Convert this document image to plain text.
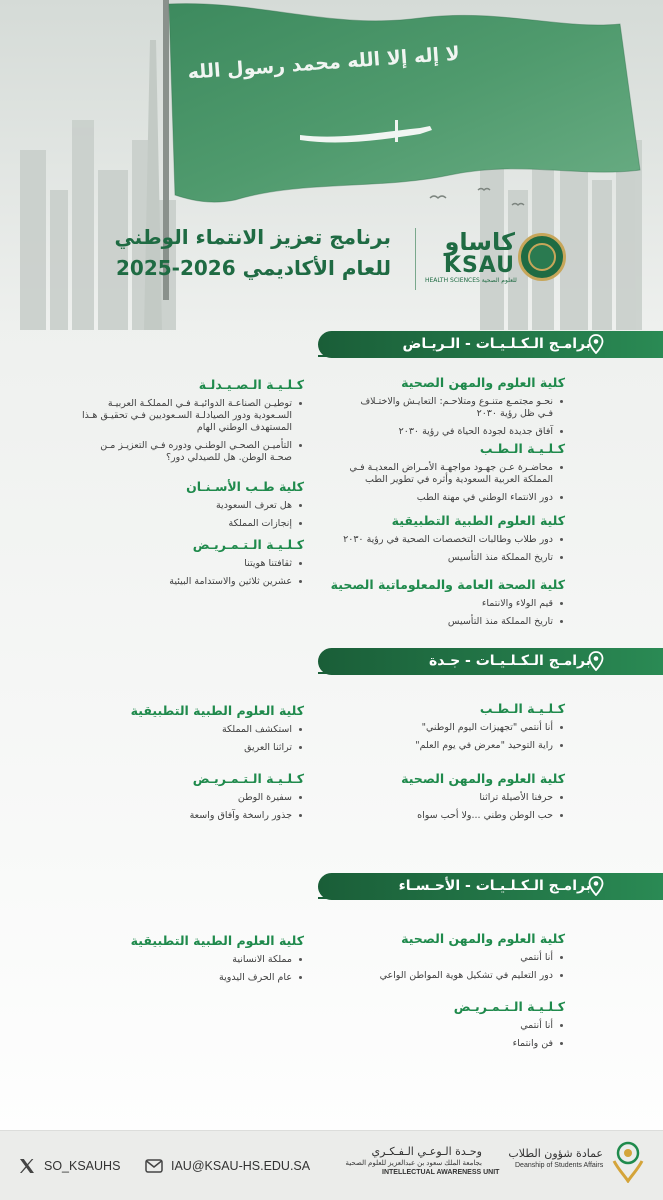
لا إله إلا الله محمد رسول الله
برنامج تعزيز الانتماء الوطني
للعام الأكاديمي 2025-2026
كاساو
KSAU
HEALTH SCIENCES للعلوم الصحية
برامـج الـكـلـيـات - الـريـاض
كلية العلوم والمهن الصحية
نحـو مجتمـع متنـوع ومتلاحـم: التعايـش والاختـلاف فـي ظل رؤية ٢٠٣٠
آفاق جديدة لجودة الحياة في رؤية ٢٠٣٠
كـلـيـة الـطـب
محاضـرة عـن جهـود مواجهـة الأمـراض المعديـة فـي المملكة العربية السعودية وأثره في تطوير الطب
دور الانتماء الوطني في مهنة الطب
كلية العلوم الطبية التطبيقية
دور طلاب وطالبات التخصصات الصحية في رؤية ٢٠٣٠
تاريخ المملكة منذ التأسيس
كلية الصحة العامة والمعلوماتية الصحية
قيم الولاء والانتماء
تاريخ المملكة منذ التأسيس
كـلـيـة الـصـيـدلـة
توطيـن الصناعـة الدوائيـة فـي المملكـة العربيـة السـعودية ودور الصيادلـة السـعوديين فـي تحقيـق هـذا المستهدف الوطني الهام
التأميـن الصحـي الوطنـي ودوره فـي التعزيـز مـن صحـة الوطن. هل للصيدلي دور؟
كلية طـب الأسـنـان
هل تعرف السعودية
إنجازات المملكة
كـلـيـة الـتـمـريـض
ثقافتنا هويتنا
عشرين ثلاثين والاستدامة البيئية
برامـج الـكـلـيـات - جـدة
كـلـيـة الـطـب
أنا أنتمي "تجهيزات اليوم الوطني"
راية التوحيد "معرض في يوم العلم"
كلية العلوم والمهن الصحية
حرفنا الأصيلة تراثنا
حب الوطن وطني ...ولا أحب سواه
كلية العلوم الطبية التطبيقية
استكشف المملكة
تراثنا العريق
كـلـيـة الـتـمـريـض
سفيرة الوطن
جذور راسخة وآفاق واسعة
برامـج الـكـلـيـات - الأحـسـاء
كلية العلوم والمهن الصحية
أنا أنتمي
دور التعليم في تشكيل هوية المواطن الواعي
كـلـيـة الـتـمـريـض
أنا أنتمي
فن وانتماء
كلية العلوم الطبية التطبيقية
مملكة الانسانية
عام الحرف اليدوية
SO_KSAUHS	IAU@KSAU-HS.EDU.SA
وحـدة الـوعـي الـفـكـري
بجامعة الملك سعود بن عبدالعزيز للعلوم الصحية
INTELLECTUAL AWARENESS UNIT
عمادة شؤون الطلاب
Deanship of Students Affairs
